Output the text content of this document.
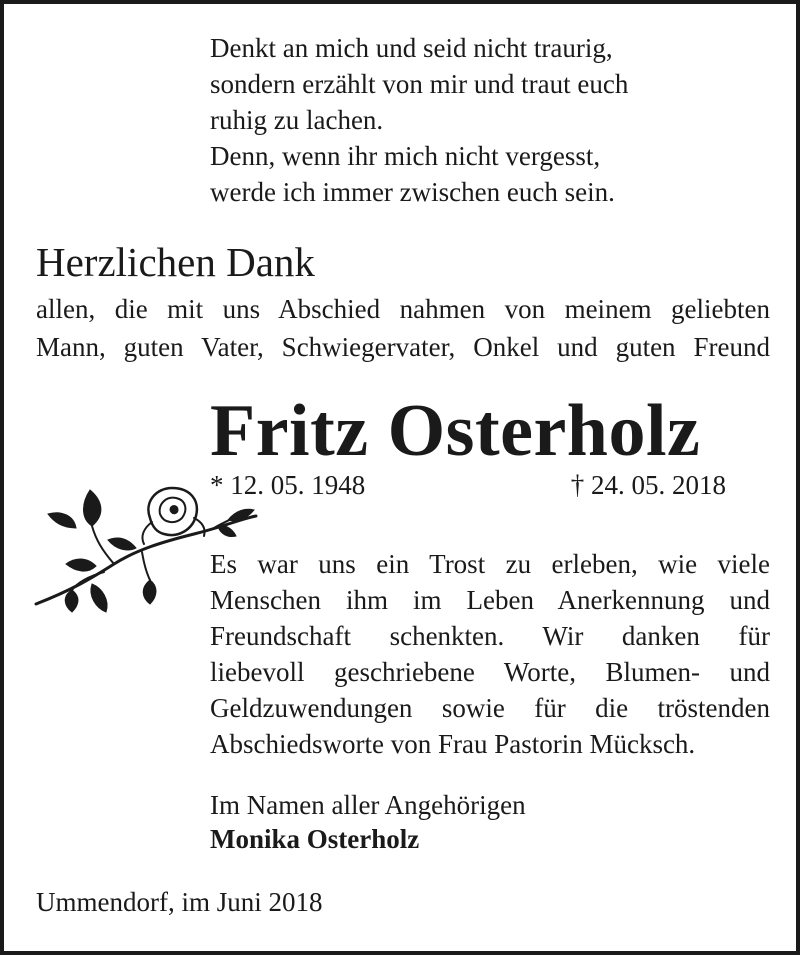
Denkt an mich und seid nicht traurig,
sondern erzählt von mir und traut euch
ruhig zu lachen.
Denn, wenn ihr mich nicht vergesst,
werde ich immer zwischen euch sein.
Herzlichen Dank
allen, die mit uns Abschied nahmen von meinem geliebten
Mann, guten Vater, Schwiegervater, Onkel und guten Freund
Fritz Osterholz
* 12. 05. 1948	† 24. 05. 2018
Es war uns ein Trost zu erleben, wie viele
Menschen ihm im Leben Anerkennung und
Freundschaft schenkten. Wir danken für
liebevoll geschriebene Worte, Blumen- und
Geldzuwendungen sowie für die tröstenden
Abschiedsworte von Frau Pastorin Mücksch.
Im Namen aller Angehörigen
Monika Osterholz
Ummendorf, im Juni 2018
